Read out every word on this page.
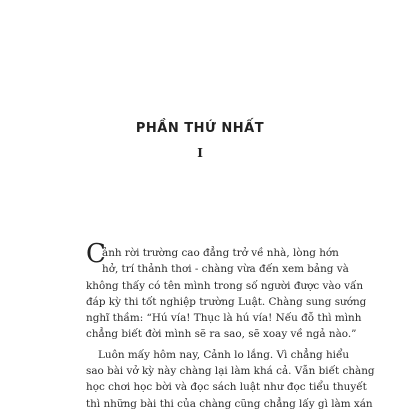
PHẦN THỨ NHẤT
I
C
ảnh rời trường cao đẳng trở về nhà, lòng hớn
hở, trí thảnh thơi - chàng vừa đến xem bảng và
không thấy có tên mình trong số người được vào vấn
đáp kỳ thi tốt nghiệp trường Luật. Chàng sung sướng
nghĩ thầm: “Hú vía! Thục là hú vía! Nếu đỗ thì mình
chẳng biết đời mình sẽ ra sao, sẽ xoay về ngả nào.”
Luôn mấy hôm nay, Cảnh lo lắng. Vì chẳng hiểu
sao bài vở kỳ này chàng lại làm khá cả. Vẫn biết chàng
học chơi học bời và đọc sách luật như đọc tiểu thuyết
thì những bài thi của chàng cũng chẳng lấy gì làm xán
